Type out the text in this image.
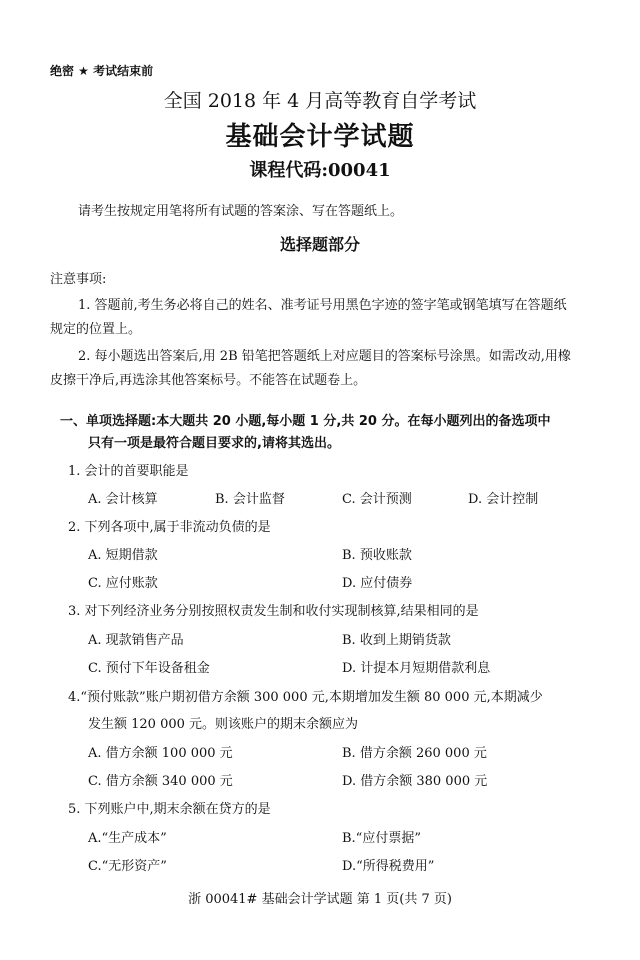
绝密 ★ 考试结束前
全国 2018 年 4 月高等教育自学考试
基础会计学试题
课程代码:00041
请考生按规定用笔将所有试题的答案涂、写在答题纸上。
选择题部分
注意事项:
1. 答题前,考生务必将自己的姓名、准考证号用黑色字迹的签字笔或钢笔填写在答题纸
规定的位置上。
2. 每小题选出答案后,用 2B 铅笔把答题纸上对应题目的答案标号涂黑。如需改动,用橡
皮擦干净后,再选涂其他答案标号。不能答在试题卷上。
一、单项选择题:本大题共 20 小题,每小题 1 分,共 20 分。在每小题列出的备选项中
只有一项是最符合题目要求的,请将其选出。
1. 会计的首要职能是
A. 会计核算	B. 会计监督	C. 会计预测	D. 会计控制
2. 下列各项中,属于非流动负债的是
A. 短期借款	B. 预收账款
C. 应付账款	D. 应付债券
3. 对下列经济业务分别按照权责发生制和收付实现制核算,结果相同的是
A. 现款销售产品	B. 收到上期销货款
C. 预付下年设备租金	D. 计提本月短期借款利息
4.“预付账款”账户期初借方余额 300 000 元,本期增加发生额 80 000 元,本期减少
发生额 120 000 元。则该账户的期末余额应为
A. 借方余额 100 000 元	B. 借方余额 260 000 元
C. 借方余额 340 000 元	D. 借方余额 380 000 元
5. 下列账户中,期末余额在贷方的是
A.“生产成本”	B.“应付票据”
C.“无形资产”	D.“所得税费用”
浙 00041# 基础会计学试题 第 1 页(共 7 页)
